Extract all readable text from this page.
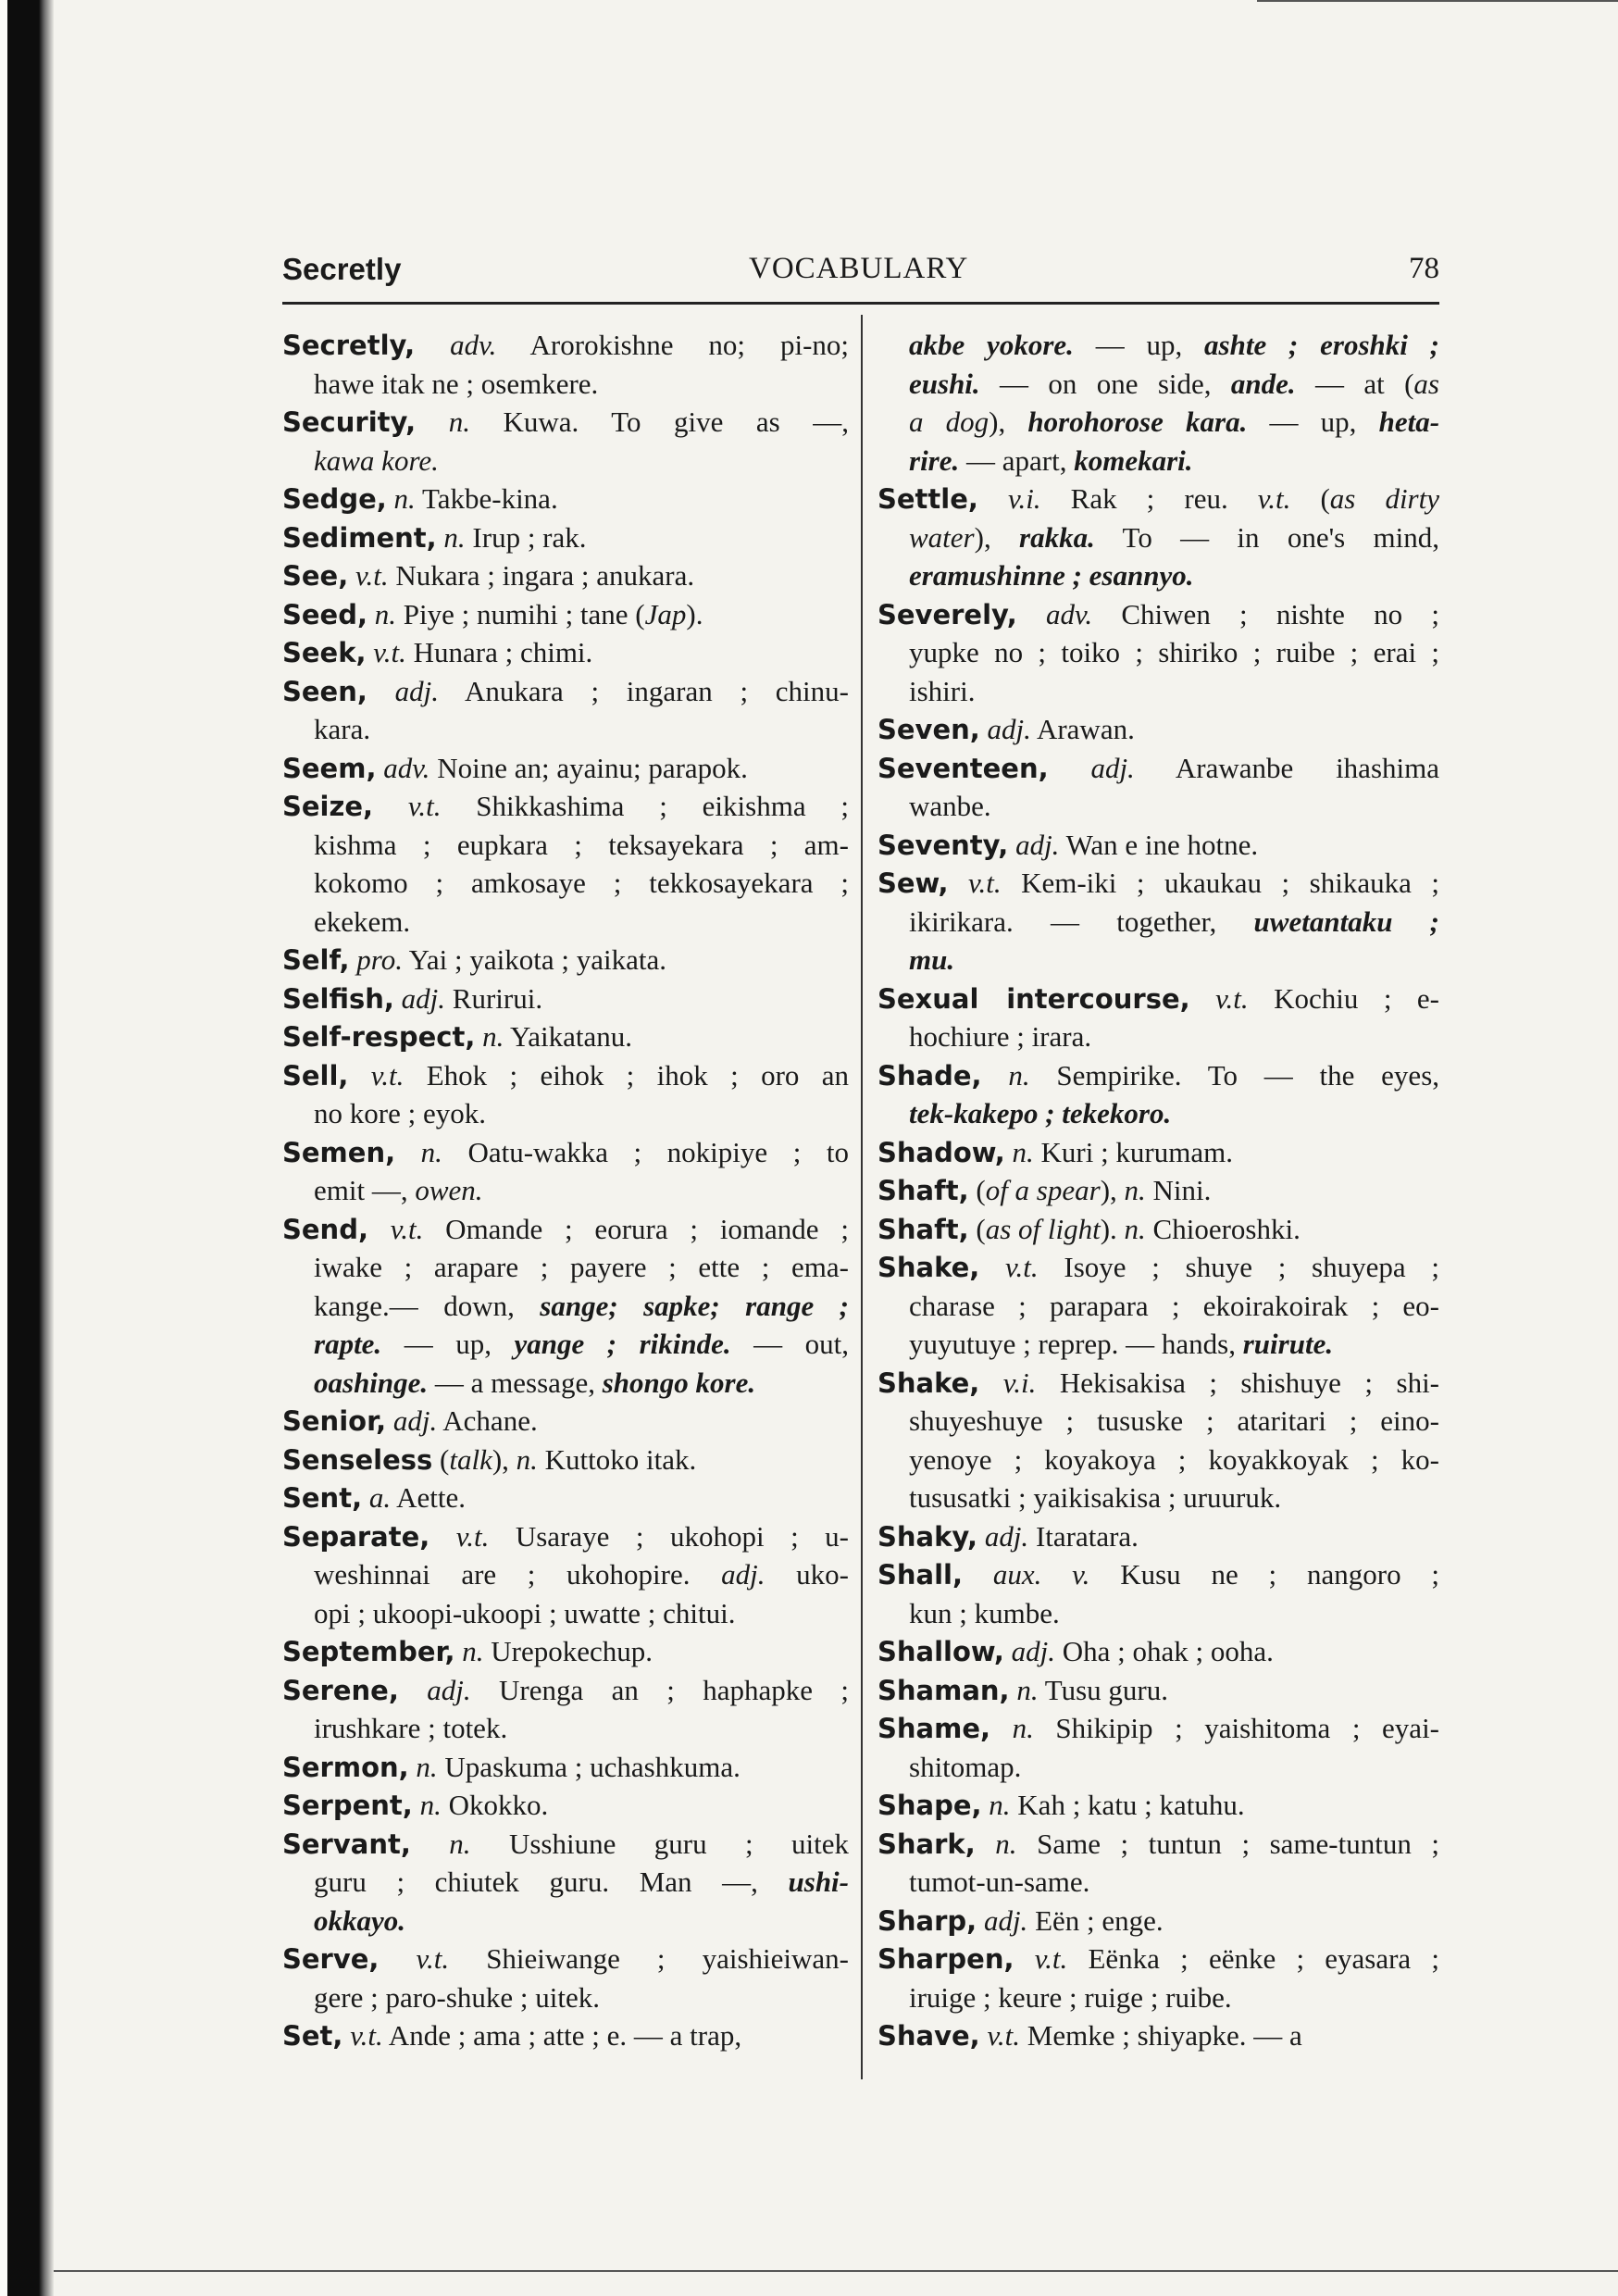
Secretly	VOCABULARY	78
Secretly, adv. Arorokishne no; pi-no;
hawe itak ne ; osemkere.
Security, n. Kuwa. To give as —,
kawa kore.
Sedge, n. Takbe-kina.
Sediment, n. Irup ; rak.
See, v.t. Nukara ; ingara ; anukara.
Seed, n. Piye ; numihi ; tane (Jap).
Seek, v.t. Hunara ; chimi.
Seen, adj. Anukara ; ingaran ; chinu-
kara.
Seem, adv. Noine an; ayainu; parapok.
Seize, v.t. Shikkashima ; eikishma ;
kishma ; eupkara ; teksayekara ; am-
kokomo ; amkosaye ; tekkosayekara ;
ekekem.
Self, pro. Yai ; yaikota ; yaikata.
Selfish, adj. Rurirui.
Self-respect, n. Yaikatanu.
Sell, v.t. Ehok ; eihok ; ihok ; oro an
no kore ; eyok.
Semen, n. Oatu-wakka ; nokipiye ; to
emit —, owen.
Send, v.t. Omande ; eorura ; iomande ;
iwake ; arapare ; payere ; ette ; ema-
kange.— down, sange; sapke; range ;
rapte. — up, yange ; rikinde. — out,
oashinge. — a message, shongo kore.
Senior, adj. Achane.
Senseless (talk), n. Kuttoko itak.
Sent, a. Aette.
Separate, v.t. Usaraye ; ukohopi ; u-
weshinnai are ; ukohopire. adj. uko-
opi ; ukoopi-ukoopi ; uwatte ; chitui.
September, n. Urepokechup.
Serene, adj. Urenga an ; haphapke ;
irushkare ; totek.
Sermon, n. Upaskuma ; uchashkuma.
Serpent, n. Okokko.
Servant, n. Usshiune guru ; uitek
guru ; chiutek guru. Man —, ushi-
okkayo.
Serve, v.t. Shieiwange ; yaishieiwan-
gere ; paro-shuke ; uitek.
Set, v.t. Ande ; ama ; atte ; e. — a trap,
akbe yokore. — up, ashte ; eroshki ;
eushi. — on one side, ande. — at (as
a dog), horohorose kara. — up, heta-
rire. — apart, komekari.
Settle, v.i. Rak ; reu. v.t. (as dirty
water), rakka. To — in one's mind,
eramushinne ; esannyo.
Severely, adv. Chiwen ; nishte no ;
yupke no ; toiko ; shiriko ; ruibe ; erai ;
ishiri.
Seven, adj. Arawan.
Seventeen, adj. Arawanbe ihashima
wanbe.
Seventy, adj. Wan e ine hotne.
Sew, v.t. Kem-iki ; ukaukau ; shikauka ;
ikirikara. — together, uwetantaku ;
mu.
Sexual intercourse, v.t. Kochiu ; e-
hochiure ; irara.
Shade, n. Sempirike. To — the eyes,
tek-kakepo ; tekekoro.
Shadow, n. Kuri ; kurumam.
Shaft, (of a spear), n. Nini.
Shaft, (as of light). n. Chioeroshki.
Shake, v.t. Isoye ; shuye ; shuyepa ;
charase ; parapara ; ekoirakoirak ; eo-
yuyutuye ; reprep. — hands, ruirute.
Shake, v.i. Hekisakisa ; shishuye ; shi-
shuyeshuye ; tususke ; ataritari ; eino-
yenoye ; koyakoya ; koyakkoyak ; ko-
tususatki ; yaikisakisa ; uruuruk.
Shaky, adj. Itaratara.
Shall, aux. v. Kusu ne ; nangoro ;
kun ; kumbe.
Shallow, adj. Oha ; ohak ; ooha.
Shaman, n. Tusu guru.
Shame, n. Shikipip ; yaishitoma ; eyai-
shitomap.
Shape, n. Kah ; katu ; katuhu.
Shark, n. Same ; tuntun ; same-tuntun ;
tumot-un-same.
Sharp, adj. Eën ; enge.
Sharpen, v.t. Eënka ; eënke ; eyasara ;
iruige ; keure ; ruige ; ruibe.
Shave, v.t. Memke ; shiyapke. — a
